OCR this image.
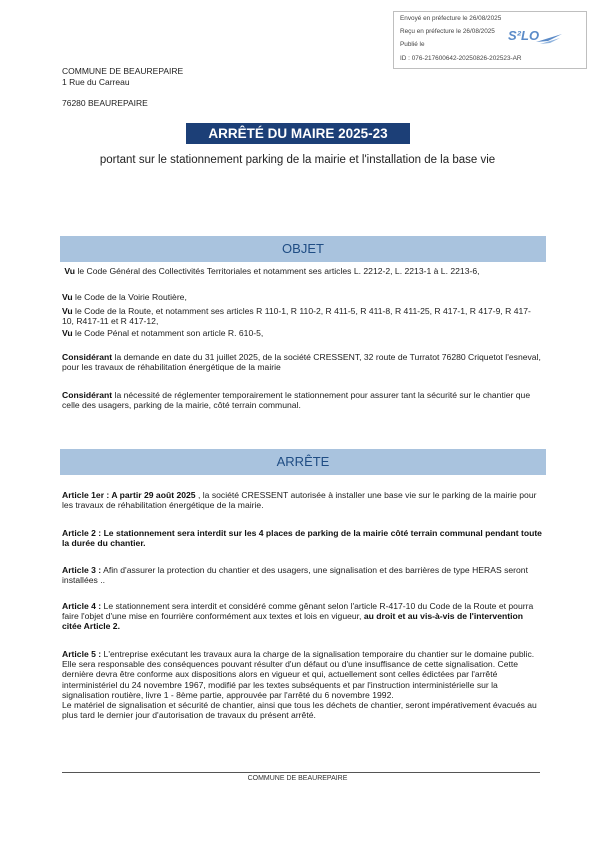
Envoyé en préfecture le 26/08/2025
Reçu en préfecture le 26/08/2025
Publié le
ID : 076-217600642-20250826-202523-AR
S²LO
COMMUNE DE BEAUREPAIRE
1 Rue du Carreau
76280 BEAUREPAIRE
ARRÊTÉ DU MAIRE 2025-23
portant sur le stationnement parking de la mairie et l'installation de la base vie
OBJET
Vu le Code Général des Collectivités Territoriales et notamment ses articles L. 2212-2, L. 2213-1 à L. 2213-6,
Vu le Code de la Voirie Routière,
Vu le Code de la Route, et notamment ses articles R 110-1, R 110-2, R 411-5, R 411-8, R 411-25, R 417-1, R 417-9, R 417-10, R417-11 et R 417-12,
Vu le Code Pénal et notamment son article R. 610-5,
Considérant la demande en date du 31 juillet 2025, de la société CRESSENT, 32 route de Turratot 76280 Criquetot l'esneval, pour les travaux de réhabilitation énergétique de la mairie
Considérant la nécessité de réglementer temporairement le stationnement pour assurer tant la sécurité sur le chantier que celle des usagers, parking de la mairie, côté terrain communal.
ARRÊTE
Article 1er : A partir 29 août 2025 , la société CRESSENT autorisée à installer une base vie sur le parking de la mairie pour les travaux de réhabilitation énergétique de la mairie.
Article 2 : Le stationnement sera interdit sur les 4 places de parking de la mairie côté terrain communal pendant toute la durée du chantier.
Article 3 : Afin d'assurer la protection du chantier et des usagers, une signalisation et des barrières de type HERAS seront installées ..
Article 4 : Le stationnement sera interdit et considéré comme gênant selon l'article R-417-10 du Code de la Route et pourra faire l'objet d'une mise en fourrière conformément aux textes et lois en vigueur, au droit et au vis-à-vis de l'intervention citée Article 2.
Article 5 : L'entreprise exécutant les travaux aura la charge de la signalisation temporaire du chantier sur le domaine public. Elle sera responsable des conséquences pouvant résulter d'un défaut ou d'une insuffisance de cette signalisation. Cette dernière devra être conforme aux dispositions alors en vigueur et qui, actuellement sont celles édictées par l'arrêté interministériel du 24 novembre 1967, modifié par les textes subséquents et par l'instruction interministérielle sur la signalisation routière, livre 1 - 8ème partie, approuvée par l'arrêté du 6 novembre 1992.
Le matériel de signalisation et sécurité de chantier, ainsi que tous les déchets de chantier, seront impérativement évacués au plus tard le dernier jour d'autorisation de travaux du présent arrêté.
COMMUNE DE BEAUREPAIRE
